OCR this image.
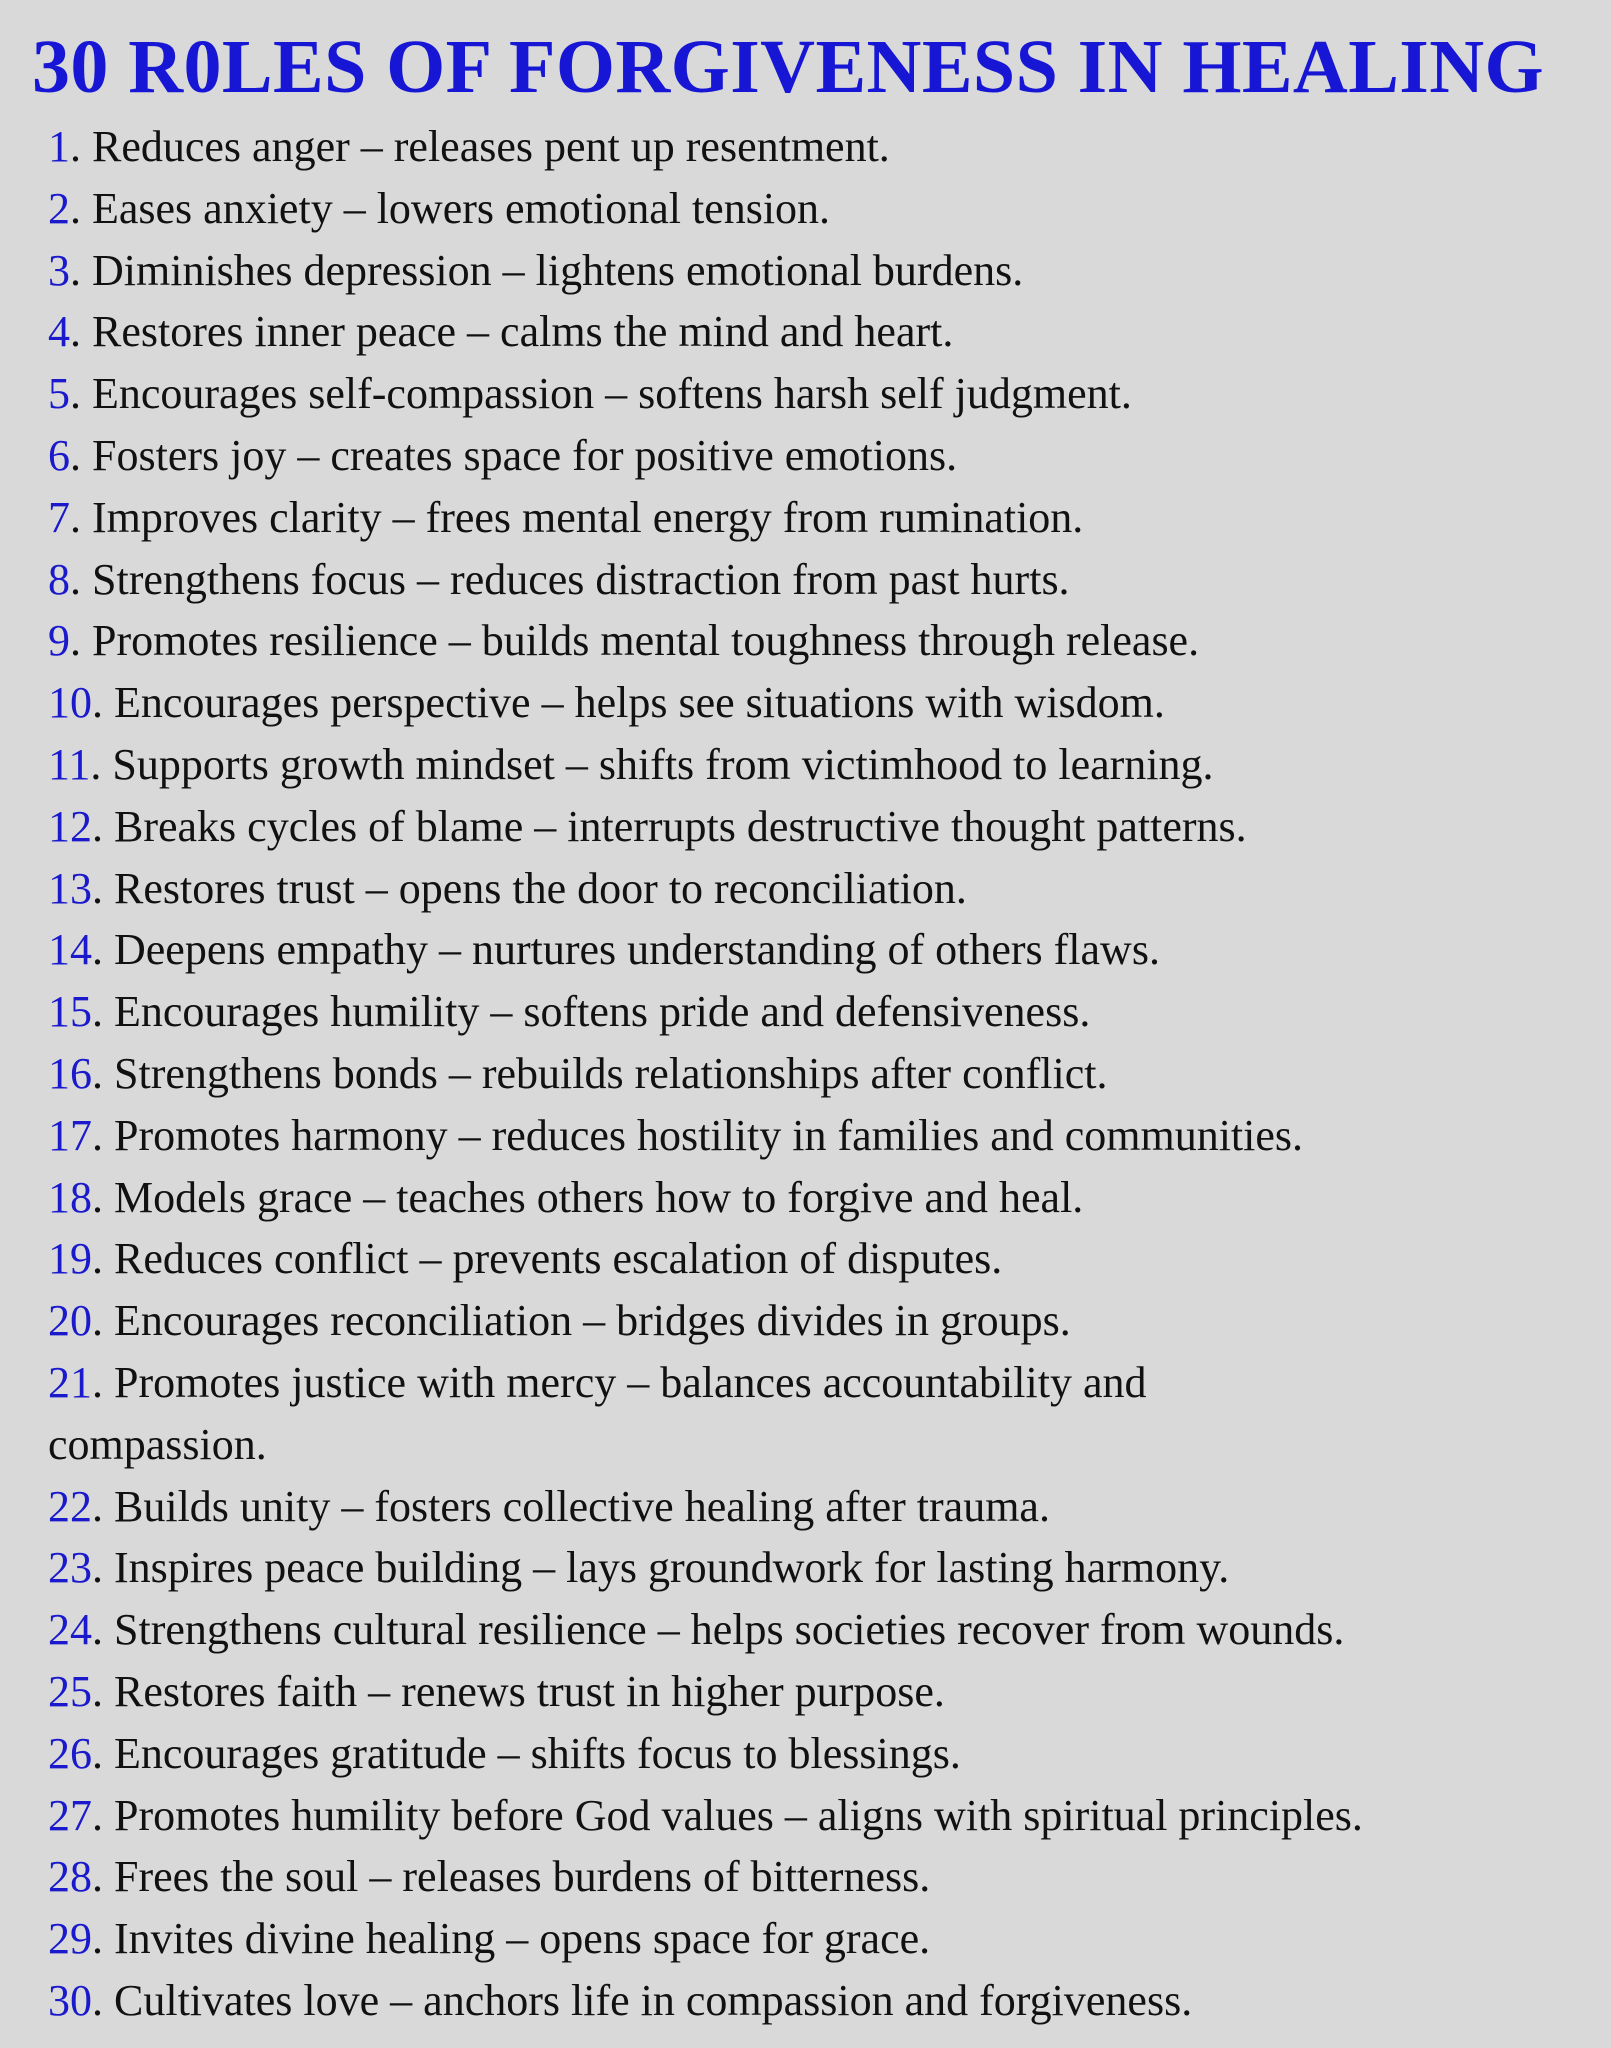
30 R0LES OF FORGIVENESS IN HEALING
1. Reduces anger – releases pent up resentment.
2. Eases anxiety – lowers emotional tension.
3. Diminishes depression – lightens emotional burdens.
4. Restores inner peace – calms the mind and heart.
5. Encourages self-compassion – softens harsh self judgment.
6. Fosters joy – creates space for positive emotions.
7. Improves clarity – frees mental energy from rumination.
8. Strengthens focus – reduces distraction from past hurts.
9. Promotes resilience – builds mental toughness through release.
10. Encourages perspective – helps see situations with wisdom.
11. Supports growth mindset – shifts from victimhood to learning.
12. Breaks cycles of blame – interrupts destructive thought patterns.
13. Restores trust – opens the door to reconciliation.
14. Deepens empathy – nurtures understanding of others flaws.
15. Encourages humility – softens pride and defensiveness.
16. Strengthens bonds – rebuilds relationships after conflict.
17. Promotes harmony – reduces hostility in families and communities.
18. Models grace – teaches others how to forgive and heal.
19. Reduces conflict – prevents escalation of disputes.
20. Encourages reconciliation – bridges divides in groups.
21. Promotes justice with mercy – balances accountability and compassion.
22. Builds unity – fosters collective healing after trauma.
23. Inspires peace building – lays groundwork for lasting harmony.
24. Strengthens cultural resilience – helps societies recover from wounds.
25. Restores faith – renews trust in higher purpose.
26. Encourages gratitude – shifts focus to blessings.
27. Promotes humility before God values – aligns with spiritual principles.
28. Frees the soul – releases burdens of bitterness.
29. Invites divine healing – opens space for grace.
30. Cultivates love – anchors life in compassion and forgiveness.
